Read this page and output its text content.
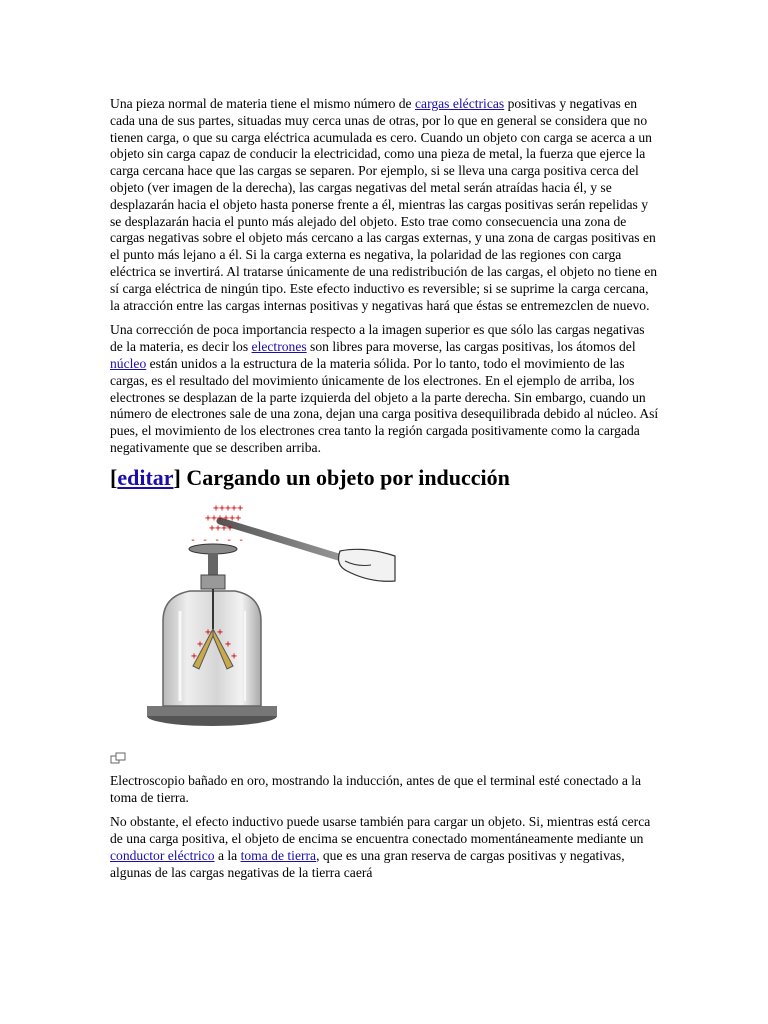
Una pieza normal de materia tiene el mismo número de cargas eléctricas positivas y negativas en cada una de sus partes, situadas muy cerca unas de otras, por lo que en general se considera que no tienen carga, o que su carga eléctrica acumulada es cero. Cuando un objeto con carga se acerca a un objeto sin carga capaz de conducir la electricidad, como una pieza de metal, la fuerza que ejerce la carga cercana hace que las cargas se separen. Por ejemplo, si se lleva una carga positiva cerca del objeto (ver imagen de la derecha), las cargas negativas del metal serán atraídas hacia él, y se desplazarán hacia el objeto hasta ponerse frente a él, mientras las cargas positivas serán repelidas y se desplazarán hacia el punto más alejado del objeto. Esto trae como consecuencia una zona de cargas negativas sobre el objeto más cercano a las cargas externas, y una zona de cargas positivas en el punto más lejano a él. Si la carga externa es negativa, la polaridad de las regiones con carga eléctrica se invertirá. Al tratarse únicamente de una redistribución de las cargas, el objeto no tiene en sí carga eléctrica de ningún tipo. Este efecto inductivo es reversible; si se suprime la carga cercana, la atracción entre las cargas internas positivas y negativas hará que éstas se entremezclen de nuevo.

Una corrección de poca importancia respecto a la imagen superior es que sólo las cargas negativas de la materia, es decir los electrones son libres para moverse, las cargas positivas, los átomos del núcleo están unidos a la estructura de la materia sólida. Por lo tanto, todo el movimiento de las cargas, es el resultado del movimiento únicamente de los electrones. En el ejemplo de arriba, los electrones se desplazan de la parte izquierda del objeto a la parte derecha. Sin embargo, cuando un número de electrones sale de una zona, dejan una carga positiva desequilibrada debido al núcleo. Así pues, el movimiento de los electrones crea tanto la región cargada positivamente como la cargada negativamente que se describen arriba.

[editar] Cargando un objeto por inducción
+++++
++++++
++++
- - - - -
+
+
+
+
+
+

Electroscopio bañado en oro, mostrando la inducción, antes de que el terminal esté conectado a la toma de tierra.

No obstante, el efecto inductivo puede usarse también para cargar un objeto. Si, mientras está cerca de una carga positiva, el objeto de encima se encuentra conectado momentáneamente mediante un conductor eléctrico a la toma de tierra, que es una gran reserva de cargas positivas y negativas, algunas de las cargas negativas de la tierra caerá
